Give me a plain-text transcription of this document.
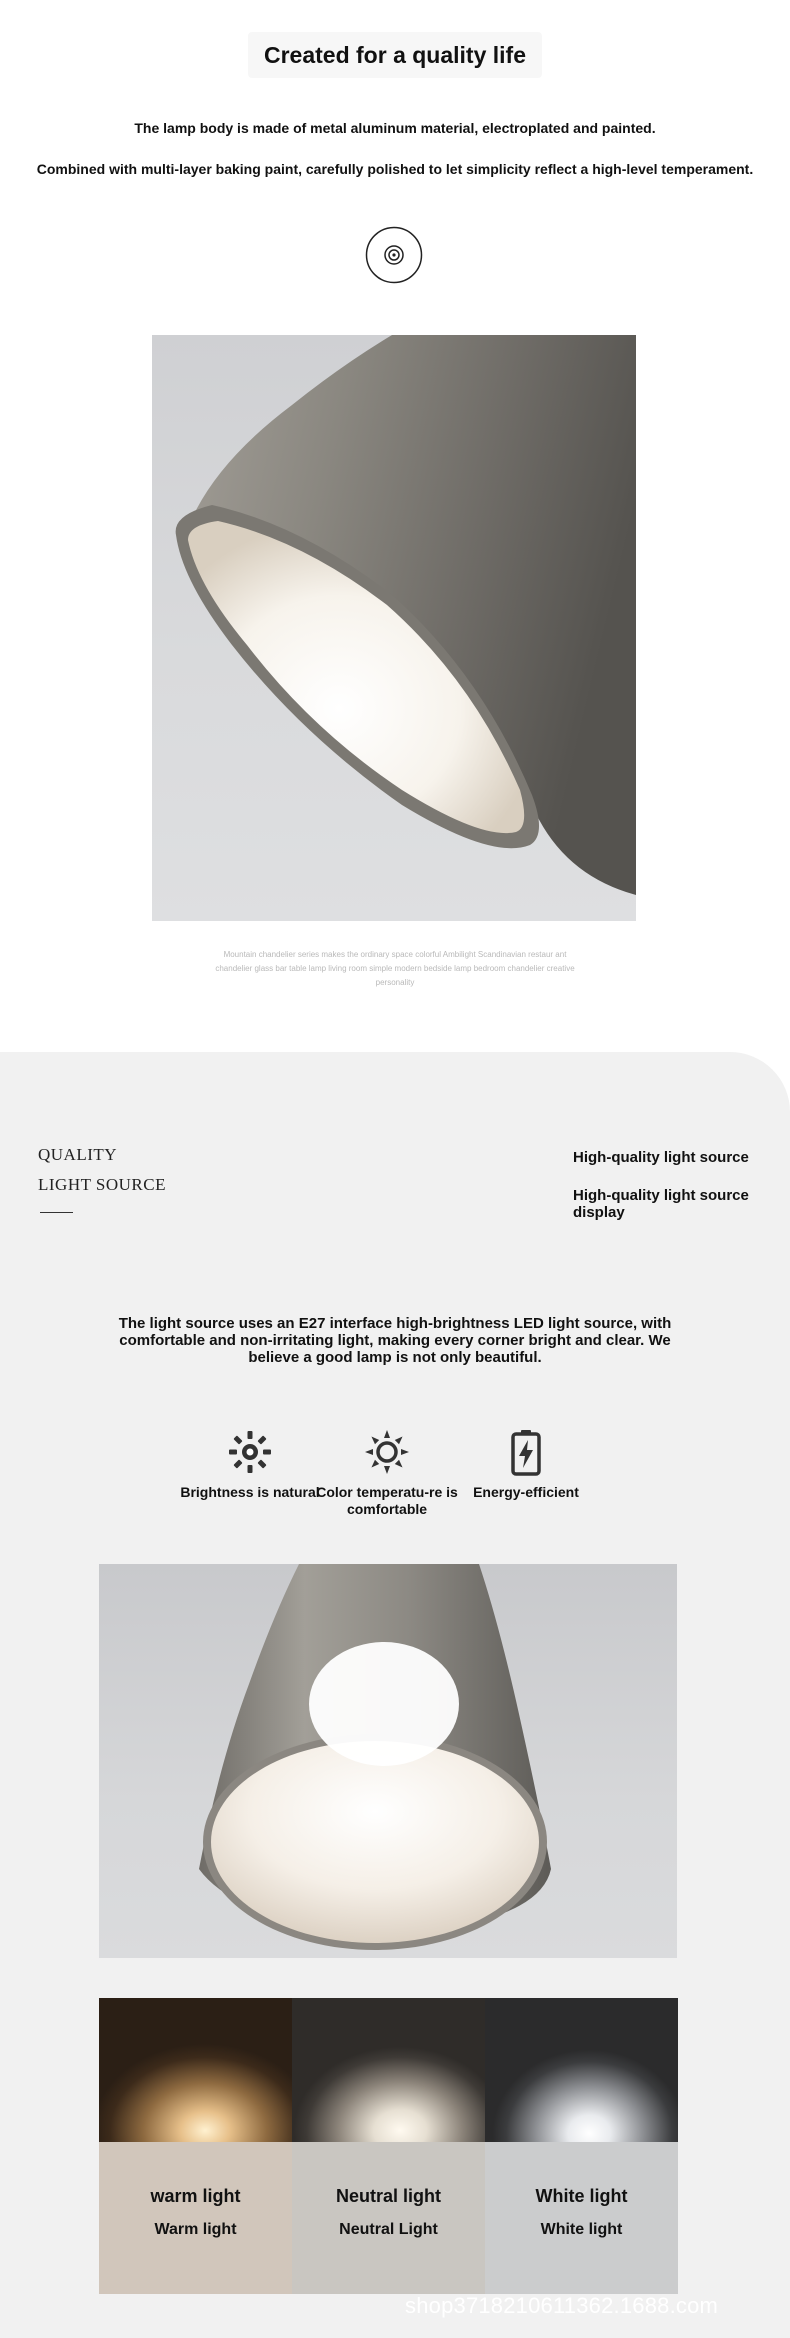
Created for a quality life
The lamp body is made of metal aluminum material, electroplated and painted.
Combined with multi-layer baking paint, carefully polished to let simplicity reflect a high-level temperament.
Mountain chandelier series makes the ordinary space colorful Ambilight Scandinavian restaur ant chandelier glass bar table lamp living room simple modern bedside lamp bedroom chandelier creative personality
QUALITY
LIGHT SOURCE
High-quality light source
High-quality light source display
The light source uses an E27 interface high-brightness LED light source, with comfortable and non-irritating light, making every corner bright and clear. We believe a good lamp is not only beautiful.
Brightness is natural
Color temperatu-re is comfortable
Energy-efficient
warm light
Warm light
Neutral light
Neutral Light
White light
White light
shop3718210611362.1688.com
